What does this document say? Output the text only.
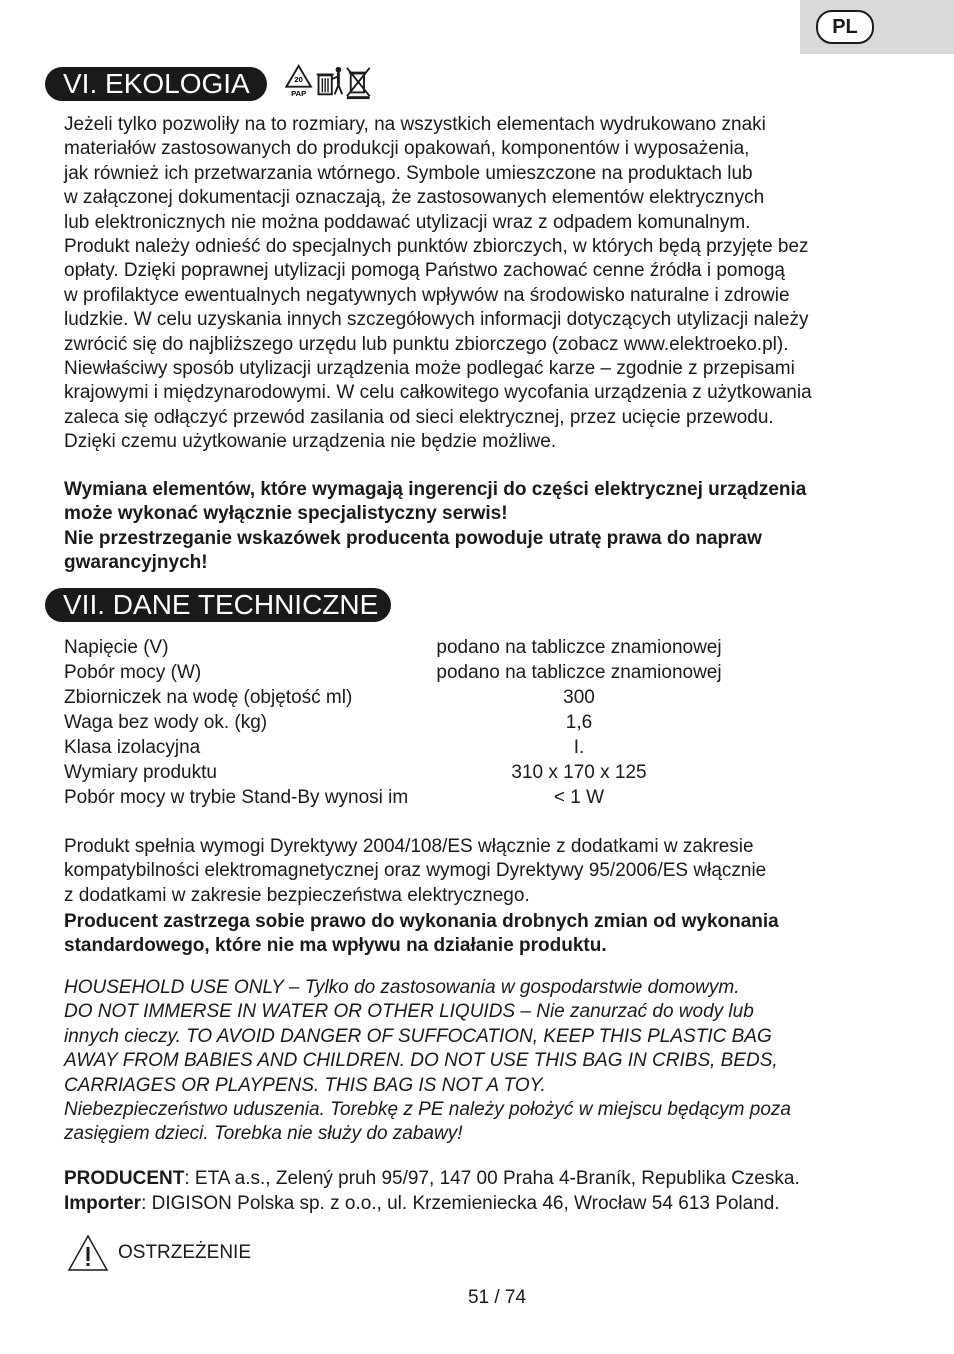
PL
VI. EKOLOGIA	20
PAP

Jeżeli tylko pozwoliły na to rozmiary, na wszystkich elementach wydrukowano znaki
materiałów zastosowanych do produkcji opakowań, komponentów i wyposażenia,
jak również ich przetwarzania wtórnego. Symbole umieszczone na produktach lub
w załączonej dokumentacji oznaczają, że zastosowanych elementów elektrycznych
lub elektronicznych nie można poddawać utylizacji wraz z odpadem komunalnym.
Produkt należy odnieść do specjalnych punktów zbiorczych, w których będą przyjęte bez
opłaty. Dzięki poprawnej utylizacji pomogą Państwo zachować cenne źródła i pomogą
w profilaktyce ewentualnych negatywnych wpływów na środowisko naturalne i zdrowie
ludzkie. W celu uzyskania innych szczegółowych informacji dotyczących utylizacji należy
zwrócić się do najbliższego urzędu lub punktu zbiorczego (zobacz www.elektroeko.pl).
Niewłaściwy sposób utylizacji urządzenia może podlegać karze – zgodnie z przepisami
krajowymi i międzynarodowymi. W celu całkowitego wycofania urządzenia z użytkowania
zaleca się odłączyć przewód zasilania od sieci elektrycznej, przez ucięcie przewodu.
Dzięki czemu użytkowanie urządzenia nie będzie możliwe.

Wymiana elementów, które wymagają ingerencji do części elektrycznej urządzenia
może wykonać wyłącznie specjalistyczny serwis!
Nie przestrzeganie wskazówek producenta powoduje utratę prawa do napraw
gwarancyjnych!

VII. DANE TECHNICZNE
Napięcie (V)	podano na tabliczce znamionowej
Pobór mocy (W)	podano na tabliczce znamionowej
Zbiorniczek na wodę (objętość ml)	300
Waga bez wody ok. (kg)	1,6
Klasa izolacyjna	I.
Wymiary produktu	310 x 170 x 125
Pobór mocy w trybie Stand-By wynosi im	< 1 W

Produkt spełnia wymogi Dyrektywy 2004/108/ES włącznie z dodatkami w zakresie
kompatybilności elektromagnetycznej oraz wymogi Dyrektywy 95/2006/ES włącznie
z dodatkami w zakresie bezpieczeństwa elektrycznego.

Producent zastrzega sobie prawo do wykonania drobnych zmian od wykonania
standardowego, które nie ma wpływu na działanie produktu.

HOUSEHOLD USE ONLY – Tylko do zastosowania w gospodarstwie domowym.
DO NOT IMMERSE IN WATER OR OTHER LIQUIDS – Nie zanurzać do wody lub
innych cieczy. TO AVOID DANGER OF SUFFOCATION, KEEP THIS PLASTIC BAG
AWAY FROM BABIES AND CHILDREN. DO NOT USE THIS BAG IN CRIBS, BEDS,
CARRIAGES OR PLAYPENS. THIS BAG IS NOT A TOY.
Niebezpieczeństwo uduszenia. Torebkę z PE należy położyć w miejscu będącym poza
zasięgiem dzieci. Torebka nie służy do zabawy!

PRODUCENT: ETA a.s., Zelený pruh 95/97, 147 00 Praha 4-Braník, Republika Czeska.

Importer: DIGISON Polska sp. z o.o., ul. Krzemieniecka 46, Wrocław 54 613 Poland.

OSTRZEŻENIE
51 / 74
